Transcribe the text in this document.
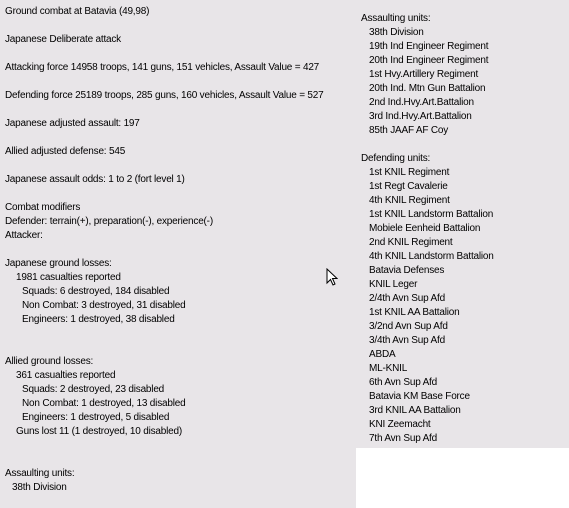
Ground combat at Batavia (49,98)
Japanese Deliberate attack
Attacking force 14958 troops, 141 guns, 151 vehicles, Assault Value = 427
Defending force 25189 troops, 285 guns, 160 vehicles, Assault Value = 527
Japanese adjusted assault: 197
Allied adjusted defense: 545
Japanese assault odds: 1 to 2 (fort level 1)
Combat modifiers
Defender: terrain(+), preparation(-), experience(-)
Attacker:
Japanese ground losses:
1981 casualties reported
Squads: 6 destroyed, 184 disabled
Non Combat: 3 destroyed, 31 disabled
Engineers: 1 destroyed, 38 disabled
Allied ground losses:
361 casualties reported
Squads: 2 destroyed, 23 disabled
Non Combat: 1 destroyed, 13 disabled
Engineers: 1 destroyed, 5 disabled
Guns lost 11 (1 destroyed, 10 disabled)
Assaulting units:
38th Division
Assaulting units:
38th Division
19th Ind Engineer Regiment
20th Ind Engineer Regiment
1st Hvy.Artillery Regiment
20th Ind. Mtn Gun Battalion
2nd Ind.Hvy.Art.Battalion
3rd Ind.Hvy.Art.Battalion
85th JAAF AF Coy
Defending units:
1st KNIL Regiment
1st Regt Cavalerie
4th KNIL Regiment
1st KNIL Landstorm Battalion
Mobiele Eenheid Battalion
2nd KNIL Regiment
4th KNIL Landstorm Battalion
Batavia Defenses
KNIL Leger
2/4th Avn Sup Afd
1st KNIL AA Battalion
3/2nd Avn Sup Afd
3/4th Avn Sup Afd
ABDA
ML-KNIL
6th Avn Sup Afd
Batavia KM Base Force
3rd KNIL AA Battalion
KNI Zeemacht
7th Avn Sup Afd
